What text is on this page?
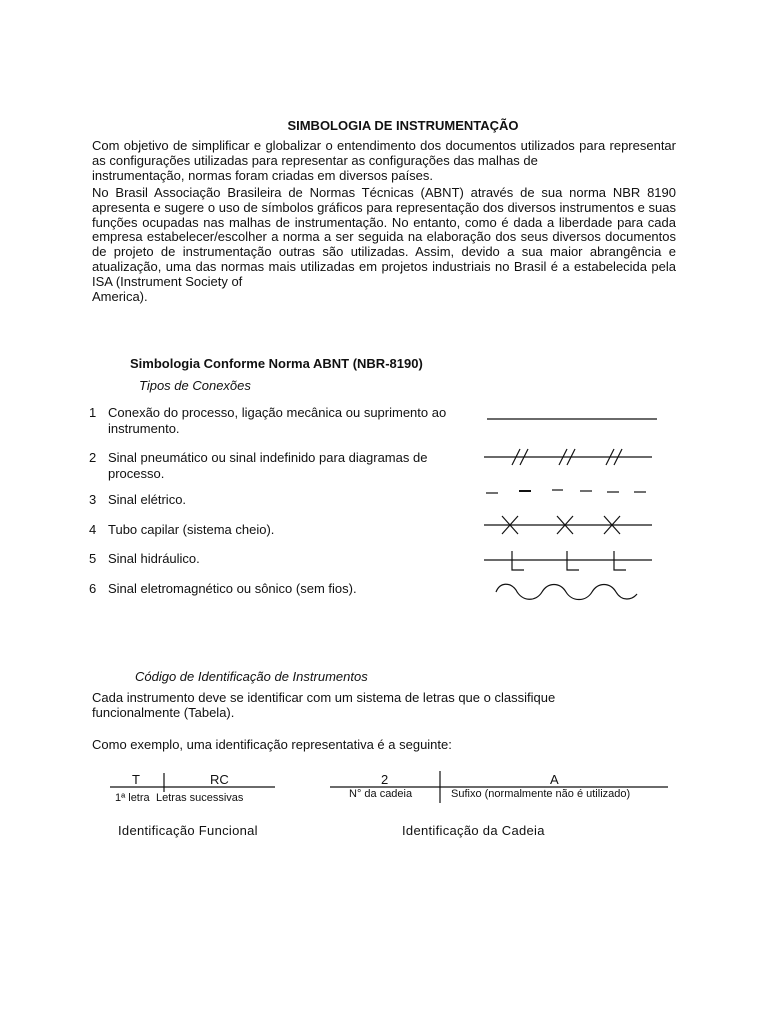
SIMBOLOGIA DE INSTRUMENTAÇÃO
Com objetivo de simplificar e globalizar o entendimento dos documentos utilizados para representar as configurações utilizadas para representar as configurações das malhas de
instrumentação, normas foram criadas em diversos países.
No Brasil Associação Brasileira de Normas Técnicas (ABNT) através de sua norma NBR 8190 apresenta e sugere o uso de símbolos gráficos para representação dos diversos instrumentos e suas funções ocupadas nas malhas de instrumentação. No entanto, como é dada a liberdade para cada empresa estabelecer/escolher a norma a ser seguida na elaboração dos seus diversos documentos de projeto de instrumentação outras são utilizadas. Assim, devido a sua maior abrangência e atualização, uma das normas mais utilizadas em projetos industriais no Brasil é a estabelecida pela ISA (Instrument Society of
America).
Simbologia Conforme Norma ABNT (NBR-8190)
Tipos de Conexões
1 Conexão do processo, ligação mecânica ou suprimento ao instrumento.
2 Sinal pneumático ou sinal indefinido para diagramas de processo.
3 Sinal elétrico.
4 Tubo capilar (sistema cheio).
5 Sinal hidráulico.
6 Sinal eletromagnético ou sônico (sem fios).
Código de Identificação de Instrumentos
Cada instrumento deve se identificar com um sistema de letras que o classifique funcionalmente (Tabela).
Como exemplo, uma identificação representativa é a seguinte:
T	RC
1ª letra Letras sucessivas
Identificação Funcional
2	A
N° da cadeia	Sufixo (normalmente não é utilizado)
Identificação da Cadeia
